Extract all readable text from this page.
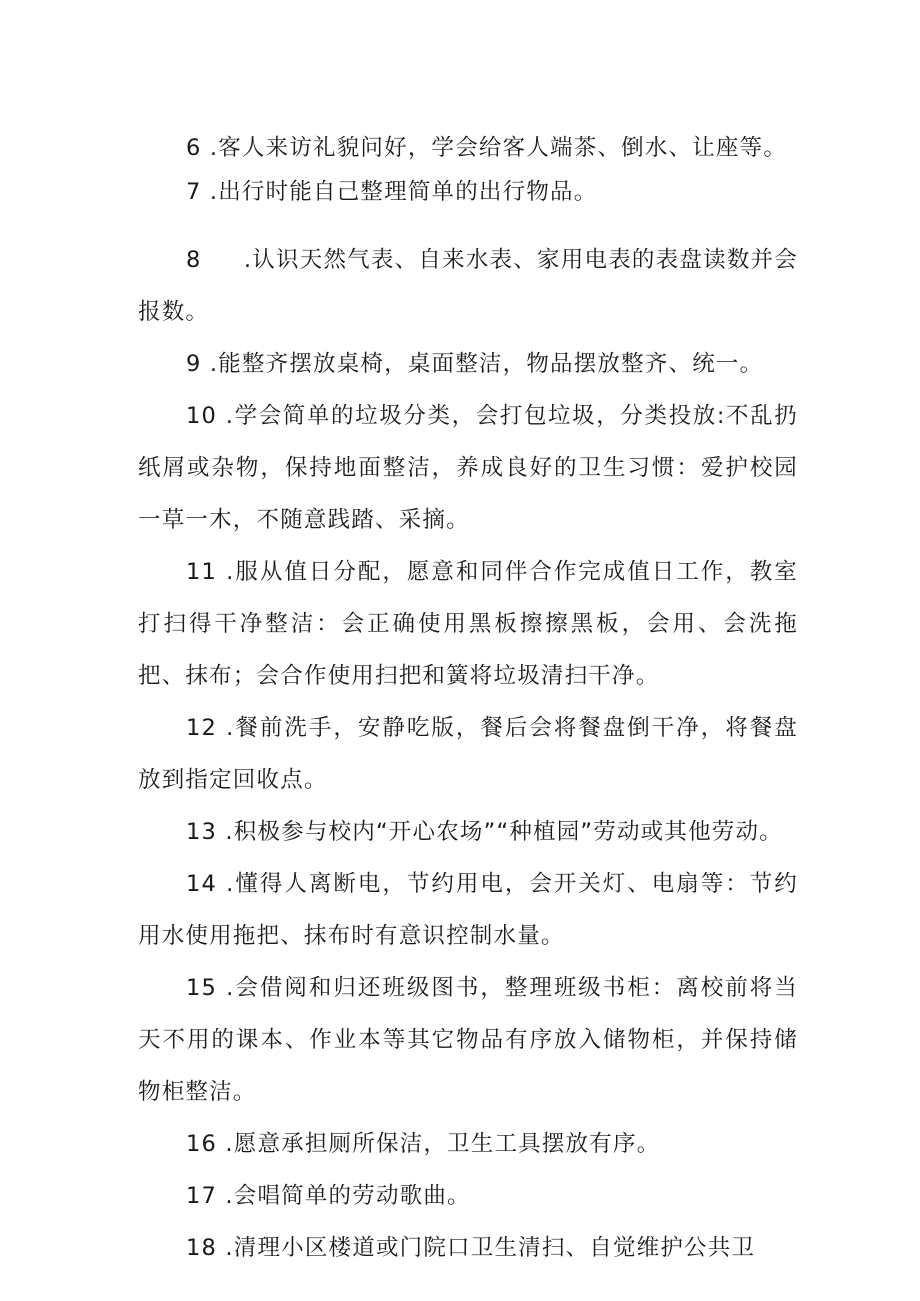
6 .客人来访礼貌问好，学会给客人端茶、倒水、让座等。

7 .出行时能自己整理简单的出行物品。

8 .认识天然气表、自来水表、家用电表的表盘读数并会报数。

9 .能整齐摆放桌椅，桌面整洁，物品摆放整齐、统一。

10 .学会简单的垃圾分类，会打包垃圾，分类投放:不乱扔纸屑或杂物，保持地面整洁，养成良好的卫生习惯：爱护校园一草一木，不随意践踏、采摘。

11 .服从值日分配，愿意和同伴合作完成值日工作，教室打扫得干净整洁：会正确使用黑板擦擦黑板，会用、会洗拖把、抹布；会合作使用扫把和簧将垃圾清扫干净。

12 .餐前洗手，安静吃版，餐后会将餐盘倒干净，将餐盘放到指定回收点。

13 .积极参与校内“开心农场”“种植园”劳动或其他劳动。

14 .懂得人离断电，节约用电，会开关灯、电扇等：节约用水使用拖把、抹布时有意识控制水量。

15 .会借阅和归还班级图书，整理班级书柜：离校前将当天不用的课本、作业本等其它物品有序放入储物柜，并保持储物柜整洁。

16 .愿意承担厕所保洁，卫生工具摆放有序。

17 .会唱简单的劳动歌曲。

18 .清理小区楼道或门院口卫生清扫、自觉维护公共卫
